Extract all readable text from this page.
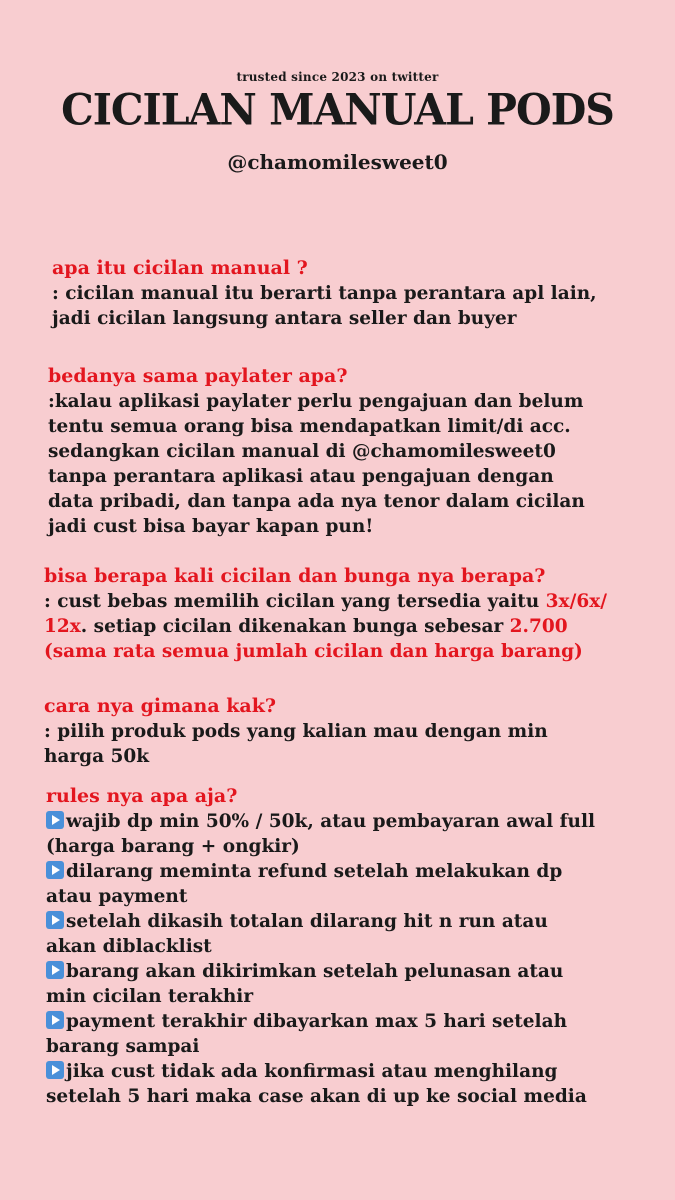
trusted since 2023 on twitter
CICILAN MANUAL PODS
@chamomilesweet0
apa itu cicilan manual ?
: cicilan manual itu berarti tanpa perantara apl lain,
jadi cicilan langsung antara seller dan buyer
bedanya sama paylater apa?
:kalau aplikasi paylater perlu pengajuan dan belum
tentu semua orang bisa mendapatkan limit/di acc.
sedangkan cicilan manual di @chamomilesweet0
tanpa perantara aplikasi atau pengajuan dengan
data pribadi, dan tanpa ada nya tenor dalam cicilan
jadi cust bisa bayar kapan pun!
bisa berapa kali cicilan dan bunga nya berapa?
: cust bebas memilih cicilan yang tersedia yaitu 3x/6x/
12x. setiap cicilan dikenakan bunga sebesar 2.700
(sama rata semua jumlah cicilan dan harga barang)
cara nya gimana kak?
: pilih produk pods yang kalian mau dengan min
harga 50k
rules nya apa aja?
wajib dp min 50% / 50k, atau pembayaran awal full
(harga barang + ongkir)
dilarang meminta refund setelah melakukan dp
atau payment
setelah dikasih totalan dilarang hit n run atau
akan diblacklist
barang akan dikirimkan setelah pelunasan atau
min cicilan terakhir
payment terakhir dibayarkan max 5 hari setelah
barang sampai
jika cust tidak ada konfirmasi atau menghilang
setelah 5 hari maka case akan di up ke social media
